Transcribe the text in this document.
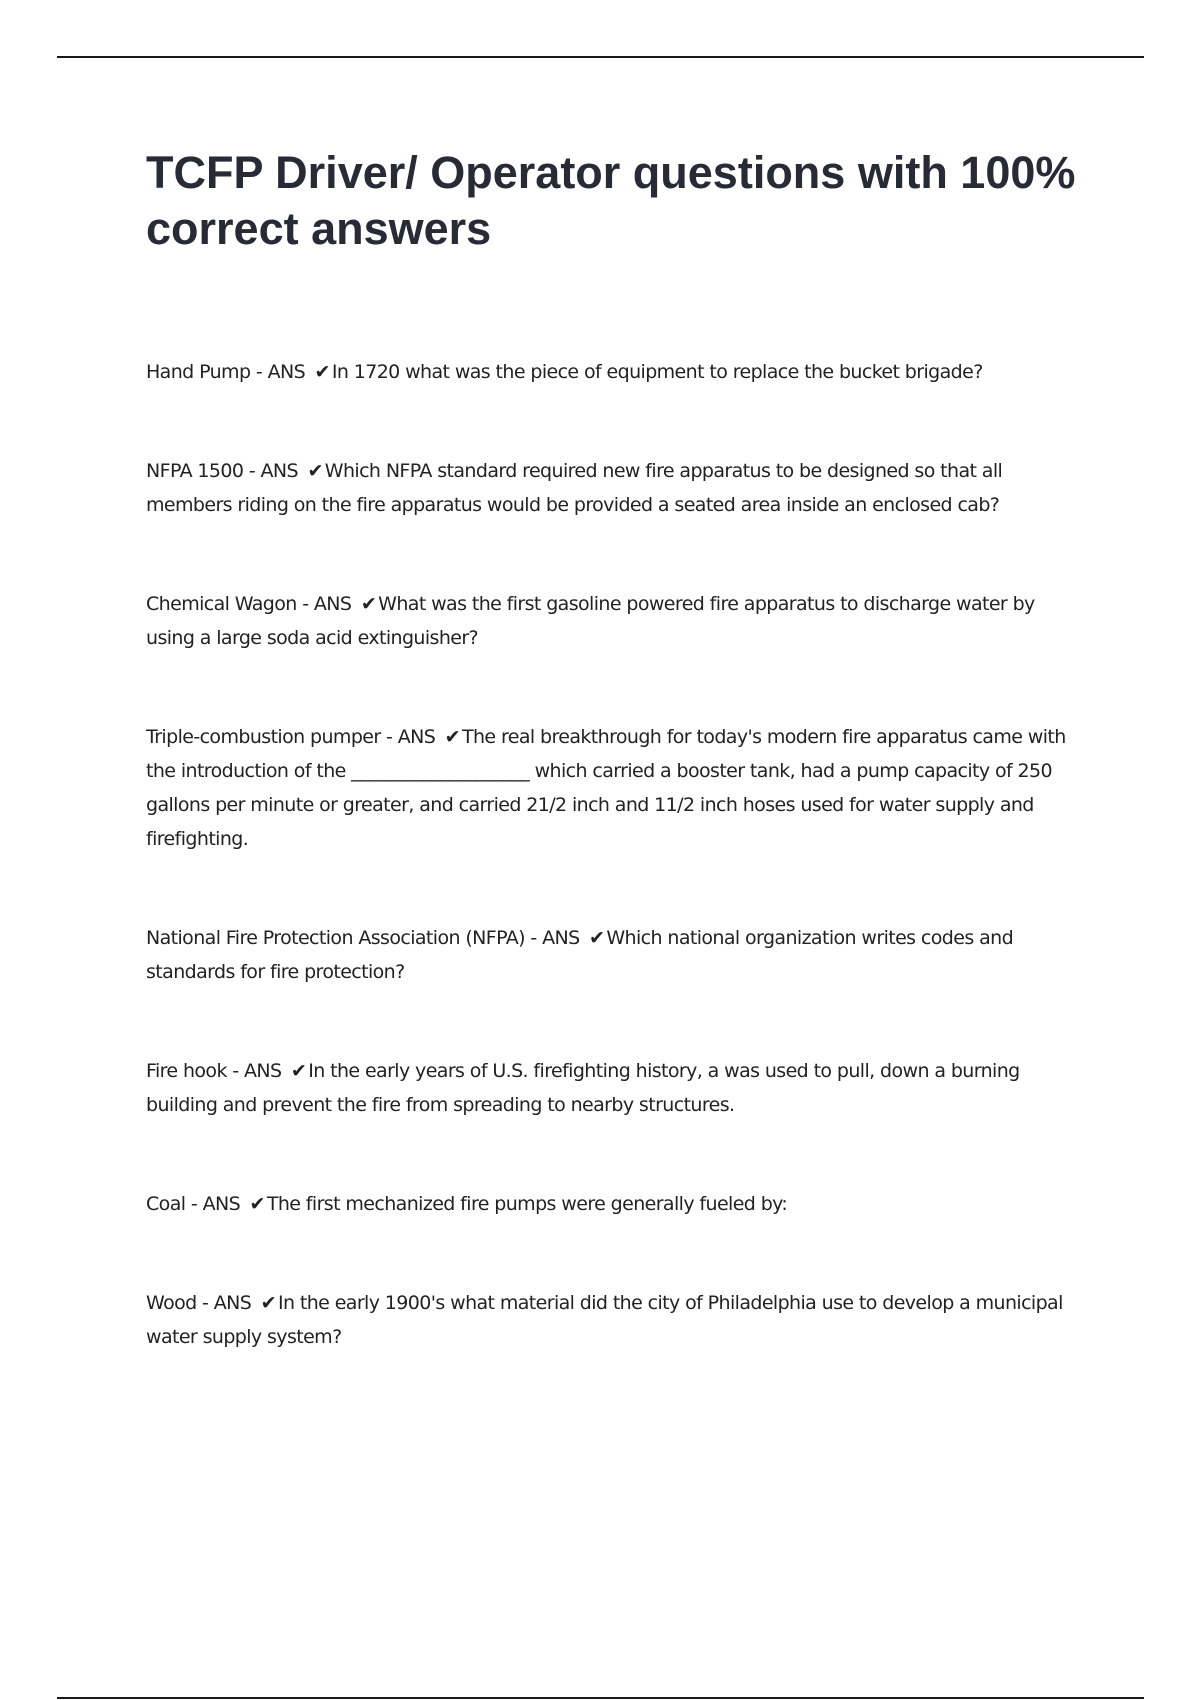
TCFP Driver/ Operator questions with 100% correct answers
Hand Pump - ANS ✔ In 1720 what was the piece of equipment to replace the bucket brigade?
NFPA 1500 - ANS ✔ Which NFPA standard required new fire apparatus to be designed so that all members riding on the fire apparatus would be provided a seated area inside an enclosed cab?
Chemical Wagon - ANS ✔ What was the first gasoline powered fire apparatus to discharge water by using a large soda acid extinguisher?
Triple-combustion pumper - ANS ✔ The real breakthrough for today's modern fire apparatus came with the introduction of the ____________________ which carried a booster tank, had a pump capacity of 250 gallons per minute or greater, and carried 21/2 inch and 11/2 inch hoses used for water supply and firefighting.
National Fire Protection Association (NFPA) - ANS ✔ Which national organization writes codes and standards for fire protection?
Fire hook - ANS ✔ In the early years of U.S. firefighting history, a was used to pull, down a burning building and prevent the fire from spreading to nearby structures.
Coal - ANS ✔ The first mechanized fire pumps were generally fueled by:
Wood - ANS ✔ In the early 1900's what material did the city of Philadelphia use to develop a municipal water supply system?
